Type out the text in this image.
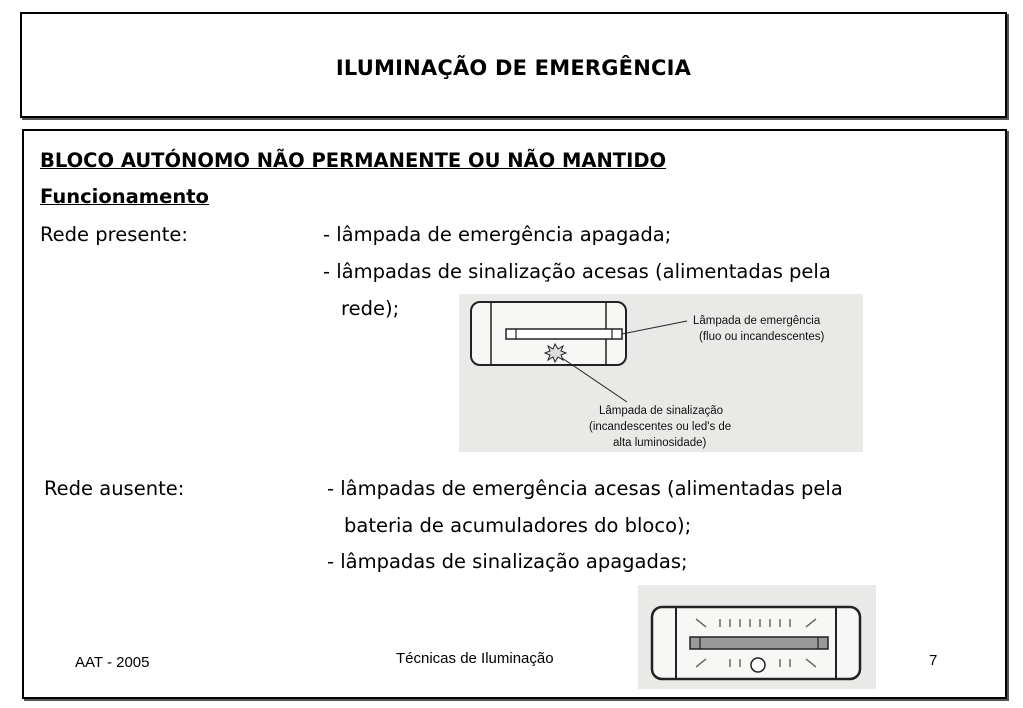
ILUMINAÇÃO DE EMERGÊNCIA
BLOCO AUTÓNOMO NÃO PERMANENTE OU NÃO MANTIDO
Funcionamento
Rede presente:	- lâmpada de emergência apagada;
- lâmpadas de sinalização acesas (alimentadas pela
rede);
Lâmpada de emergência
(fluo ou incandescentes)
Lâmpada de sinalização
(incandescentes ou led's de
alta luminosidade)
Rede ausente:	- lâmpadas de emergência acesas (alimentadas pela
bateria de acumuladores do bloco);
- lâmpadas de sinalização apagadas;
AAT - 2005	Técnicas de Iluminação	7
